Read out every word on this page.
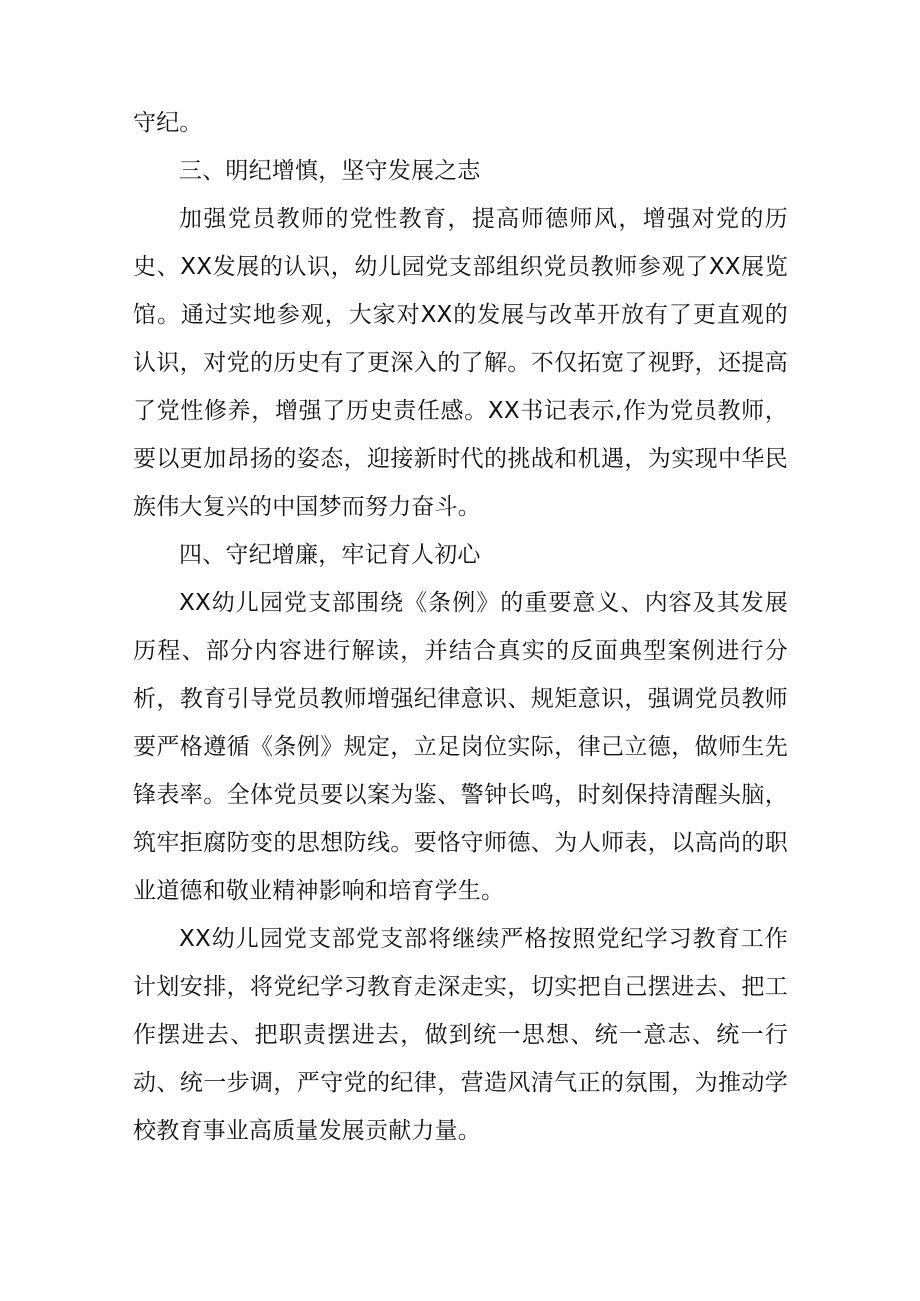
守纪。

三、明纪增慎，坚守发展之志

加强党员教师的党性教育，提高师德师风，增强对党的历史、XX发展的认识，幼儿园党支部组织党员教师参观了XX展览馆。通过实地参观，大家对XX的发展与改革开放有了更直观的认识，对党的历史有了更深入的了解。不仅拓宽了视野，还提高了党性修养，增强了历史责任感。XX书记表示,作为党员教师，要以更加昂扬的姿态，迎接新时代的挑战和机遇，为实现中华民族伟大复兴的中国梦而努力奋斗。

四、守纪增廉，牢记育人初心

XX幼儿园党支部围绕《条例》的重要意义、内容及其发展历程、部分内容进行解读，并结合真实的反面典型案例进行分析，教育引导党员教师增强纪律意识、规矩意识，强调党员教师要严格遵循《条例》规定，立足岗位实际，律己立德，做师生先锋表率。全体党员要以案为鉴、警钟长鸣，时刻保持清醒头脑，筑牢拒腐防变的思想防线。要恪守师德、为人师表，以高尚的职业道德和敬业精神影响和培育学生。

XX幼儿园党支部党支部将继续严格按照党纪学习教育工作计划安排，将党纪学习教育走深走实，切实把自己摆进去、把工作摆进去、把职责摆进去，做到统一思想、统一意志、统一行动、统一步调，严守党的纪律，营造风清气正的氛围，为推动学校教育事业高质量发展贡献力量。
